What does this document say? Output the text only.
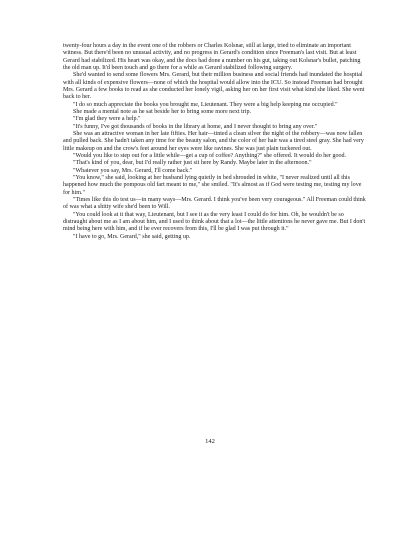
twenty-four hours a day in the event one of the robbers or Charles Kolsnar, still at large, tried to eliminate an important witness. But there'd been no unusual activity, and no progress in Gerard's condition since Freeman's last visit. But at least Gerard had stabilized. His heart was okay, and the docs had done a number on his gut, taking out Kolsnar's bullet, patching the old man up. It'd been touch and go there for a while as Gerard stabilized following surgery.

She'd wanted to send some flowers Mrs. Gerard, but their million business and social friends had inundated the hospital with all kinds of expensive flowers—none of which the hospital would allow into the ICU. So instead Freeman had brought Mrs. Gerard a few books to read as she conducted her lonely vigil, asking her on her first visit what kind she liked. She went back to her.

"I do so much appreciate the books you brought me, Lieutenant. They were a big help keeping me occupied."

She made a mental note as he sat beside her to bring some more next trip.

"I'm glad they were a help."

"It's funny, I've got thousands of books in the library at home, and I never thought to bring any over."

She was an attractive woman in her late fifties. Her hair—tinted a clean silver the night of the robbery—was now fallen and pulled back. She hadn't taken any time for the beauty salon, and the color of her hair was a tired steel gray. She had very little makeup on and the crow's feet around her eyes were like ravines. She was just plain tuckered out.

"Would you like to step out for a little while—get a cup of coffee? Anything?" she offered. It would do her good.

"That's kind of you, dear, but I'd really rather just sit here by Randy. Maybe later in the afternoon."

"Whatever you say, Mrs. Gerard, I'll come back."

"You know," she said, looking at her husband lying quietly in bed shrouded in white, "I never realized until all this happened how much the pompous old fart meant to me," she smiled. "It's almost as if God were testing me, testing my love for him."

"Times like this do test us—in many ways—Mrs. Gerard. I think you've been very courageous." All Freeman could think of was what a shitty wife she'd been to Will.

"You could look at it that way, Lieutenant, but I see it as the very least I could do for him. Oh, he wouldn't be so distraught about me as I am about him, and I used to think about that a lot—the little attentions he never gave me. But I don't mind being here with him, and if he ever recovers from this, I'll be glad I was put through it."

"I have to go, Mrs. Gerard," she said, getting up.

142
